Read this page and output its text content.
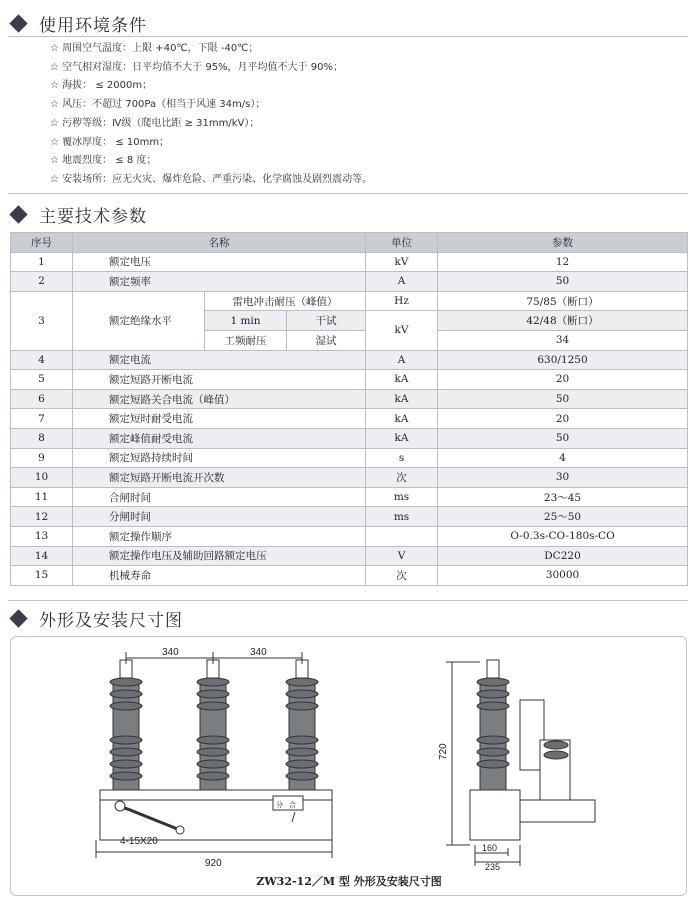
使用环境条件
☆ 周围空气温度：上限 +40℃，下限 -40℃；
☆ 空气相对湿度：日平均值不大于 95%，月平均值不大于 90%；
☆ 海拔： ≤ 2000m；
☆ 风压：不超过 700Pa（相当于风速 34m/s）；
☆ 污秽等级：Ⅳ级（爬电比距 ≥ 31mm/kV）；
☆ 覆冰厚度： ≤ 10mm；
☆ 地震烈度： ≤ 8 度；
☆ 安装场所：应无火灾、爆炸危险、严重污染、化学腐蚀及剧烈震动等。
主要技术参数
序号	名称			单位	参数
1	额定电压			kV	12
2	额定频率			A	50
3	额定绝缘水平	雷电冲击耐压（峰值）		Hz	75/85（断口）
		1 min	干试	kV	42/48（断口）
		工频耐压	湿试		34
4	额定电流			A	630/1250
5	额定短路开断电流			kA	20
6	额定短路关合电流（峰值）			kA	50
7	额定短时耐受电流			kA	20
8	额定峰值耐受电流			kA	50
9	额定短路持续时间			s	4
10	额定短路开断电流开次数			次	30
11	合闸时间			ms	23～45
12	分闸时间			ms	25～50
13	额定操作顺序				O-0.3s-CO-180s-CO
14	额定操作电压及辅助回路额定电压			V	DC220
15	机械寿命			次	30000
外形及安装尺寸图
340	340
920
4-15X20
720
160
235
分 合
ZW32-12／M 型 外形及安装尺寸图
